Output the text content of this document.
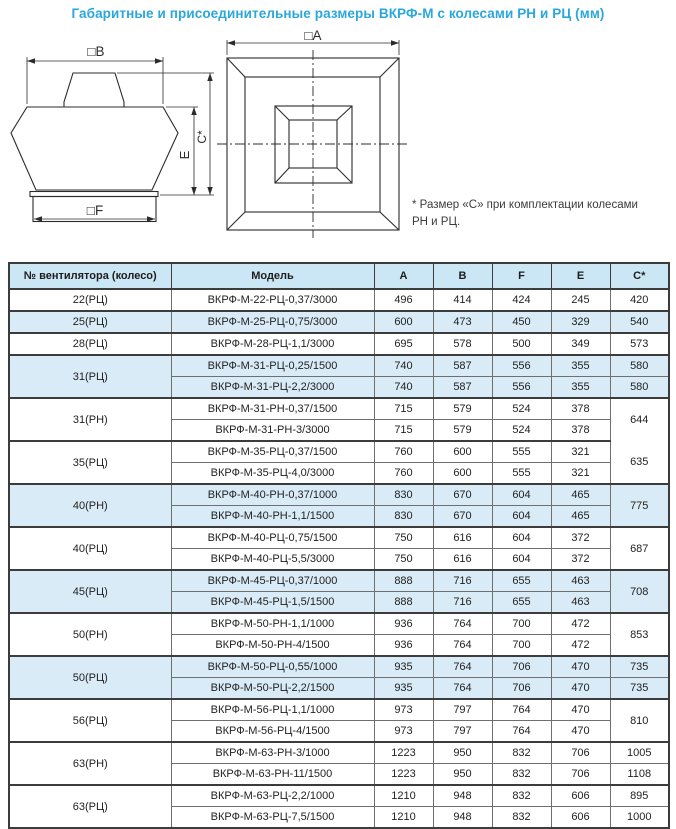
Габаритные и присоединительные размеры ВКРФ-М с колесами РН и РЦ (мм)
□B
□F
E
C*
□A
* Размер «С» при комплектации колесами РН и РЦ.
№ вентилятора (колесо)	Модель	A	B	F	E	C*
22(РЦ)	ВКРФ-М-22-РЦ-0,37/3000	496	414	424	245	420
25(РЦ)	ВКРФ-М-25-РЦ-0,75/3000	600	473	450	329	540
28(РЦ)	ВКРФ-М-28-РЦ-1,1/3000	695	578	500	349	573
31(РЦ)	ВКРФ-М-31-РЦ-0,25/1500	740	587	556	355	580
	ВКРФ-М-31-РЦ-2,2/3000	740	587	556	355	580
31(РН)	ВКРФ-М-31-РН-0,37/1500	715	579	524	378	644
	ВКРФ-М-31-РН-3/3000	715	579	524	378	
35(РЦ)	ВКРФ-М-35-РЦ-0,37/1500	760	600	555	321	635
	ВКРФ-М-35-РЦ-4,0/3000	760	600	555	321	
40(РН)	ВКРФ-М-40-РН-0,37/1000	830	670	604	465	775
	ВКРФ-М-40-РН-1,1/1500	830	670	604	465	
40(РЦ)	ВКРФ-М-40-РЦ-0,75/1500	750	616	604	372	687
	ВКРФ-М-40-РЦ-5,5/3000	750	616	604	372	
45(РЦ)	ВКРФ-М-45-РЦ-0,37/1000	888	716	655	463	708
	ВКРФ-М-45-РЦ-1,5/1500	888	716	655	463	
50(РН)	ВКРФ-М-50-РН-1,1/1000	936	764	700	472	853
	ВКРФ-М-50-РН-4/1500	936	764	700	472	
50(РЦ)	ВКРФ-М-50-РЦ-0,55/1000	935	764	706	470	735
	ВКРФ-М-50-РЦ-2,2/1500	935	764	706	470	735
56(РЦ)	ВКРФ-М-56-РЦ-1,1/1000	973	797	764	470	810
	ВКРФ-М-56-РЦ-4/1500	973	797	764	470	
63(РН)	ВКРФ-М-63-РН-3/1000	1223	950	832	706	1005
	ВКРФ-М-63-РН-11/1500	1223	950	832	706	1108
63(РЦ)	ВКРФ-М-63-РЦ-2,2/1000	1210	948	832	606	895
	ВКРФ-М-63-РЦ-7,5/1500	1210	948	832	606	1000
